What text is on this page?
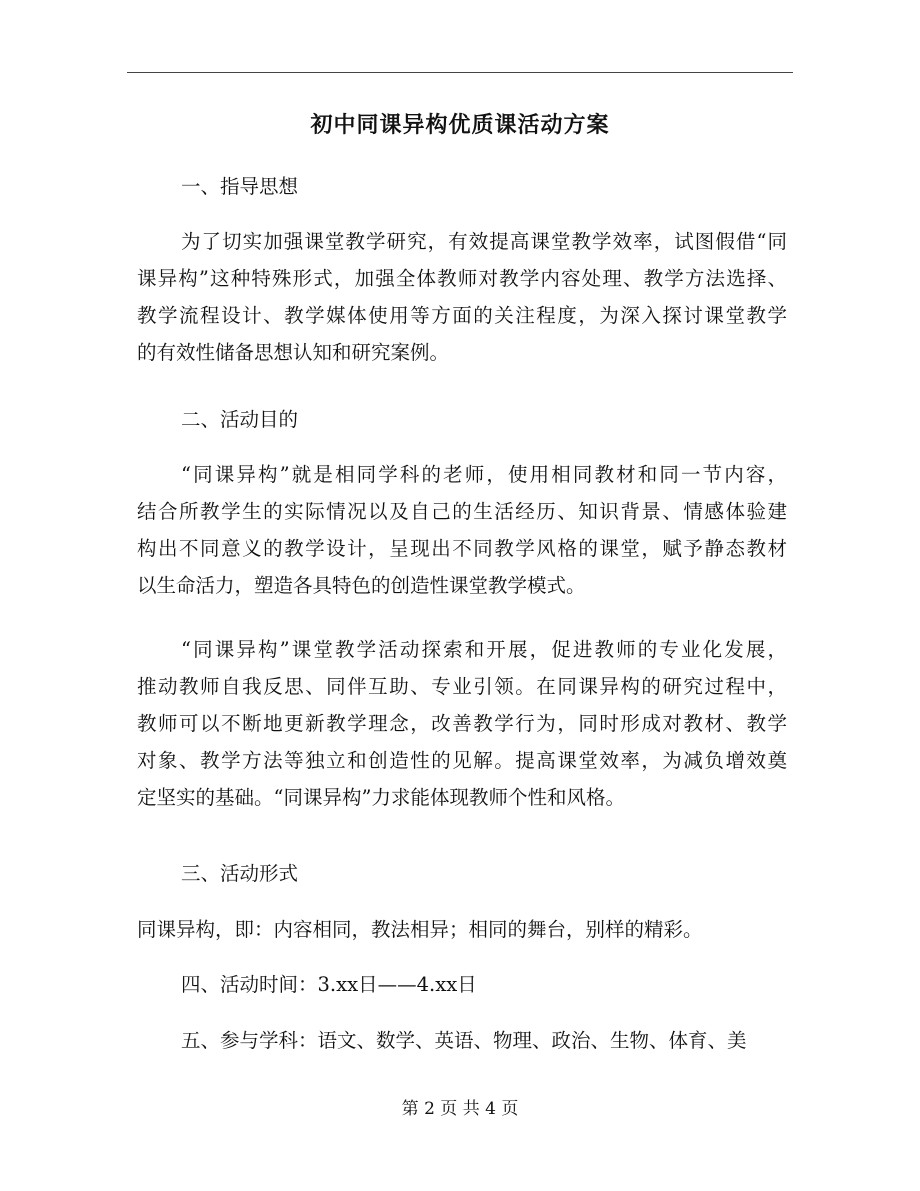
初中同课异构优质课活动方案
一、指导思想
为了切实加强课堂教学研究，有效提高课堂教学效率，试图假借“同
课异构”这种特殊形式，加强全体教师对教学内容处理、教学方法选择、
教学流程设计、教学媒体使用等方面的关注程度，为深入探讨课堂教学
的有效性储备思想认知和研究案例。
二、活动目的
“同课异构”就是相同学科的老师，使用相同教材和同一节内容，
结合所教学生的实际情况以及自己的生活经历、知识背景、情感体验建
构出不同意义的教学设计，呈现出不同教学风格的课堂，赋予静态教材
以生命活力，塑造各具特色的创造性课堂教学模式。
“同课异构”课堂教学活动探索和开展，促进教师的专业化发展，
推动教师自我反思、同伴互助、专业引领。在同课异构的研究过程中，
教师可以不断地更新教学理念，改善教学行为，同时形成对教材、教学
对象、教学方法等独立和创造性的见解。提高课堂效率，为减负增效奠
定坚实的基础。“同课异构”力求能体现教师个性和风格。
三、活动形式
同课异构，即：内容相同，教法相异；相同的舞台，别样的精彩。
四、活动时间：3.xx日——4.xx日
五、参与学科：语文、数学、英语、物理、政治、生物、体育、美
第 2 页 共 4 页
